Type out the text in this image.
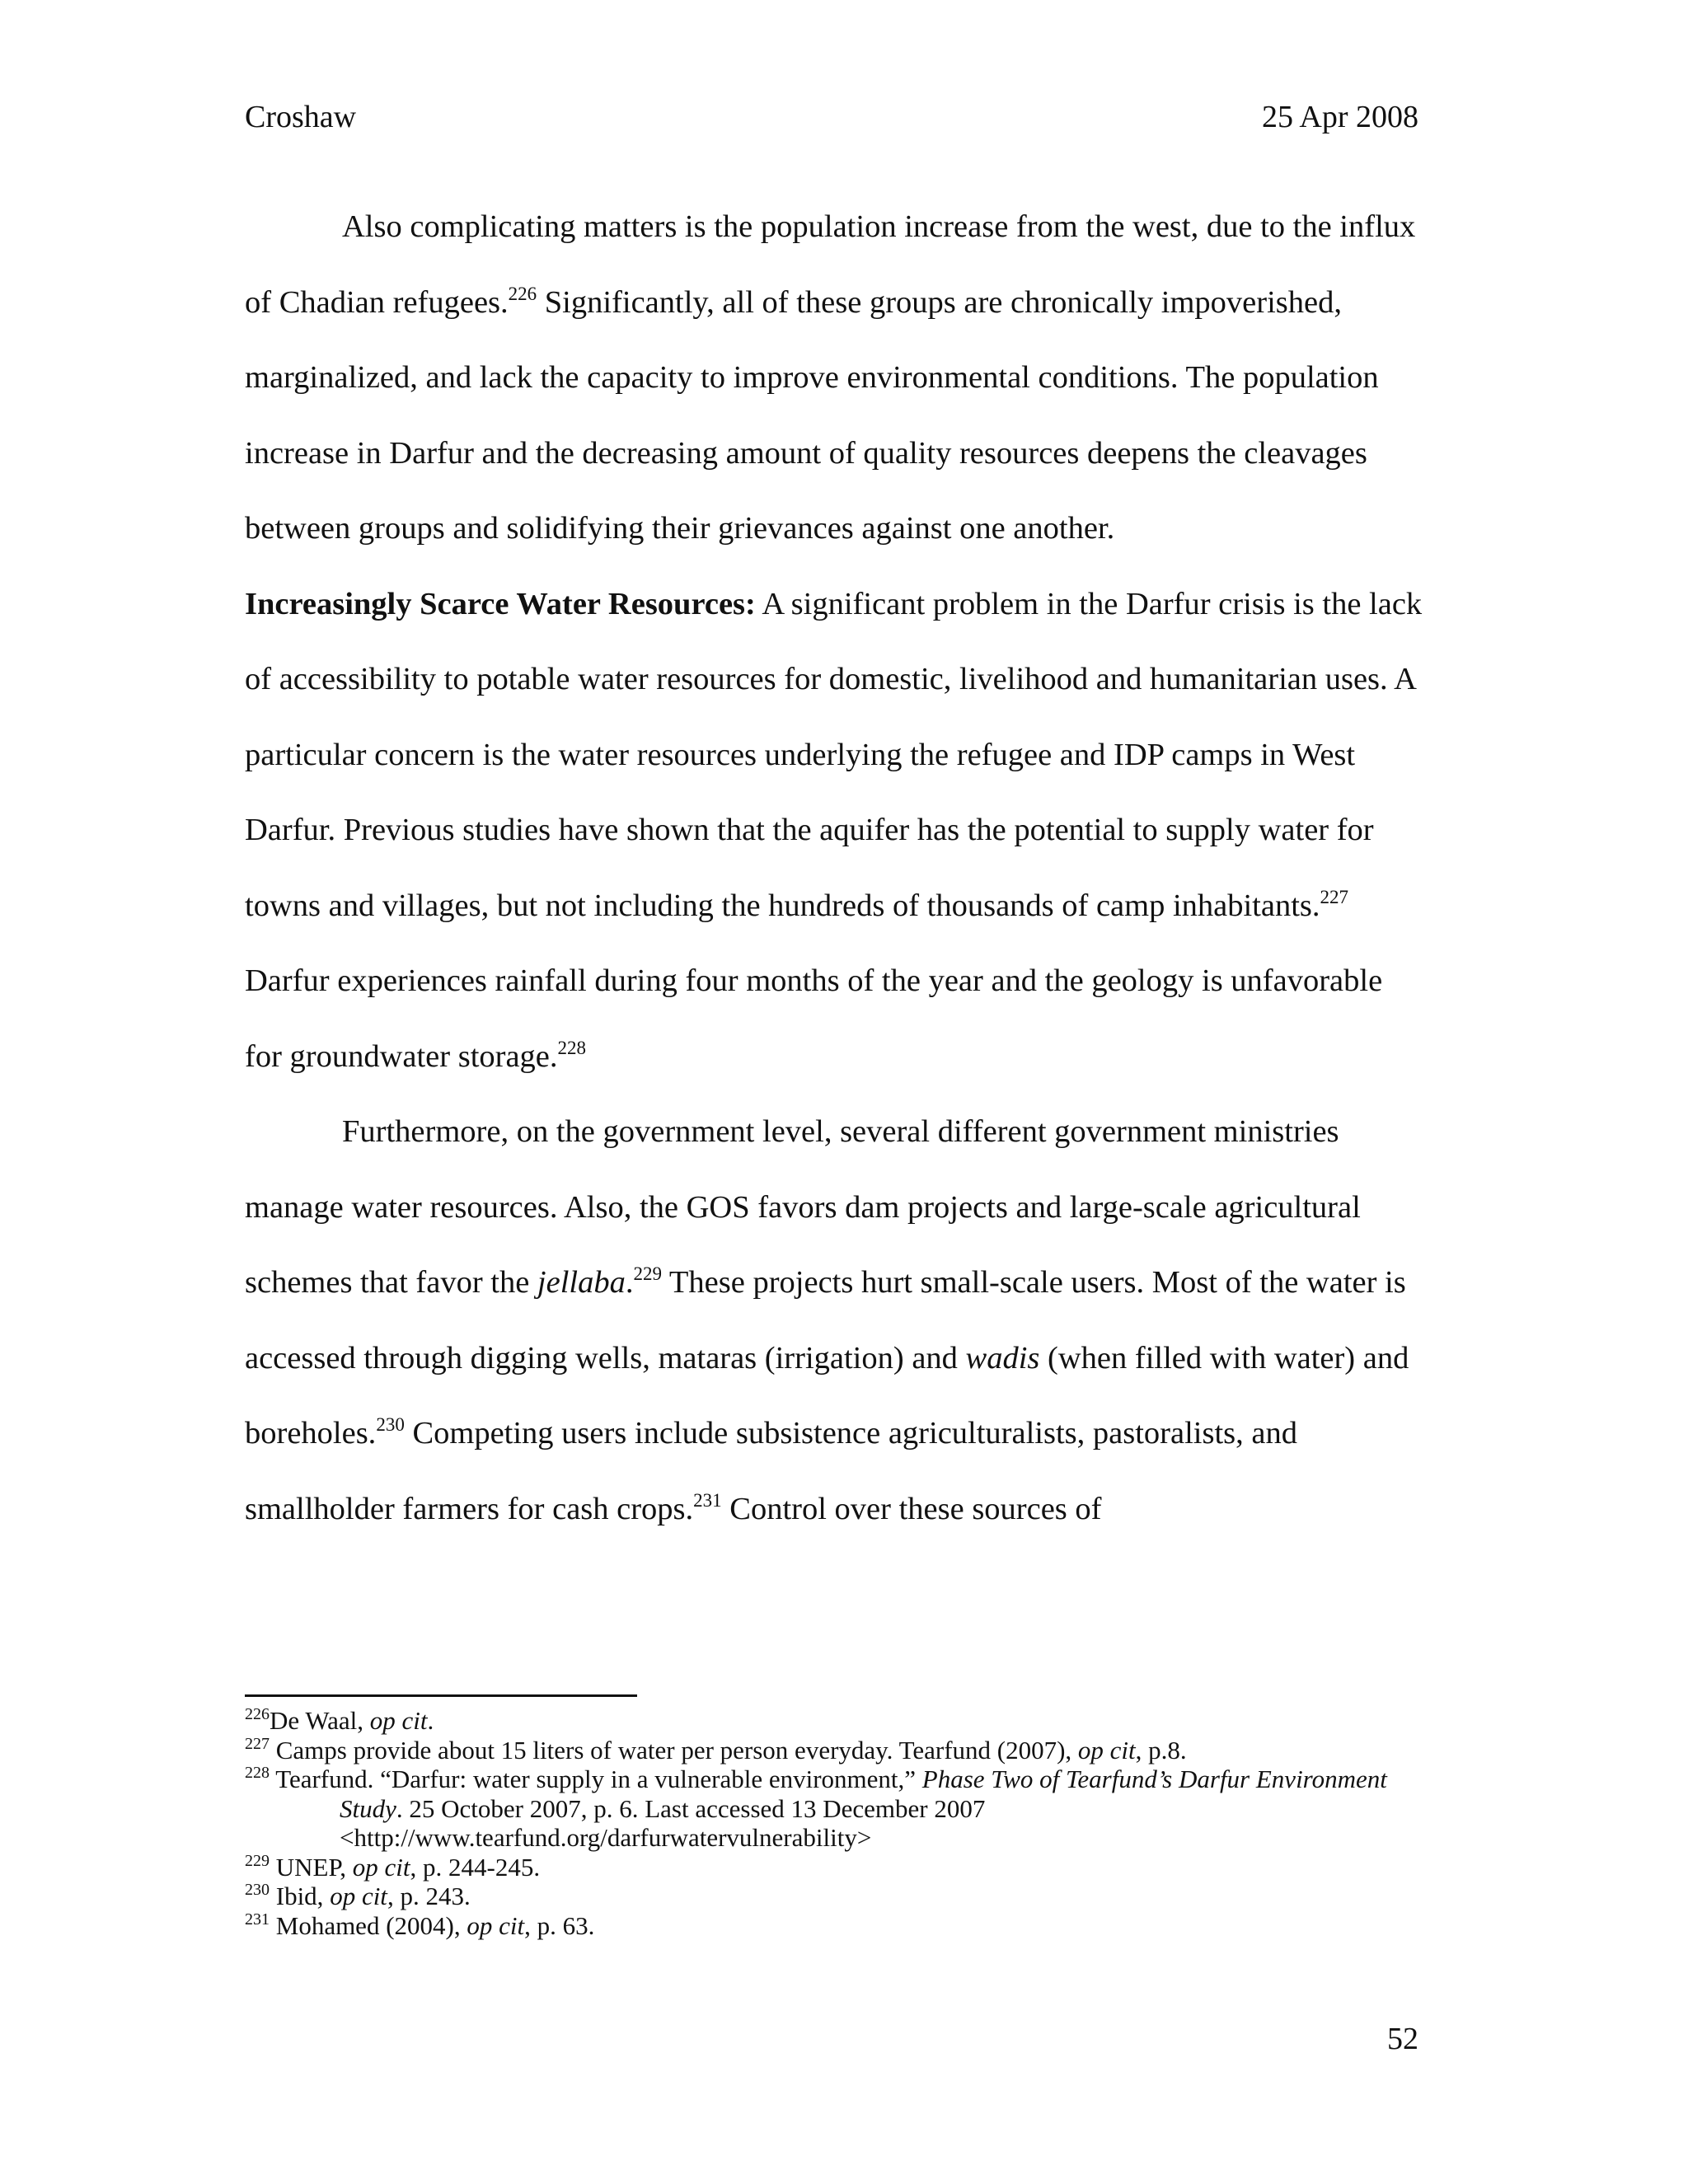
Croshaw	25 Apr 2008

Also complicating matters is the population increase from the west, due to the influx of Chadian refugees.$^{226}$ Significantly, all of these groups are chronically impoverished, marginalized, and lack the capacity to improve environmental conditions. The population increase in Darfur and the decreasing amount of quality resources deepens the cleavages between groups and solidifying their grievances against one another.

Increasingly Scarce Water Resources: A significant problem in the Darfur crisis is the lack of accessibility to potable water resources for domestic, livelihood and humanitarian uses. A particular concern is the water resources underlying the refugee and IDP camps in West Darfur. Previous studies have shown that the aquifer has the potential to supply water for towns and villages, but not including the hundreds of thousands of camp inhabitants.$^{227}$ Darfur experiences rainfall during four months of the year and the geology is unfavorable for groundwater storage.$^{228}$

Furthermore, on the government level, several different government ministries manage water resources. Also, the GOS favors dam projects and large-scale agricultural schemes that favor the jellaba.$^{229}$ These projects hurt small-scale users. Most of the water is accessed through digging wells, mataras (irrigation) and wadis (when filled with water) and boreholes.$^{230}$ Competing users include subsistence agriculturalists, pastoralists, and smallholder farmers for cash crops.$^{231}$ Control over these sources of

$^{226}$De Waal, op cit.

$^{227}$ Camps provide about 15 liters of water per person everyday. Tearfund (2007), op cit, p.8.

$^{228}$ Tearfund. “Darfur: water supply in a vulnerable environment,” Phase Two of Tearfund’s Darfur Environment Study. 25 October 2007, p. 6. Last accessed 13 December 2007 <http://www.tearfund.org/darfurwatervulnerability>

$^{229}$ UNEP, op cit, p. 244-245.

$^{230}$ Ibid, op cit, p. 243.

$^{231}$ Mohamed (2004), op cit, p. 63.

52
